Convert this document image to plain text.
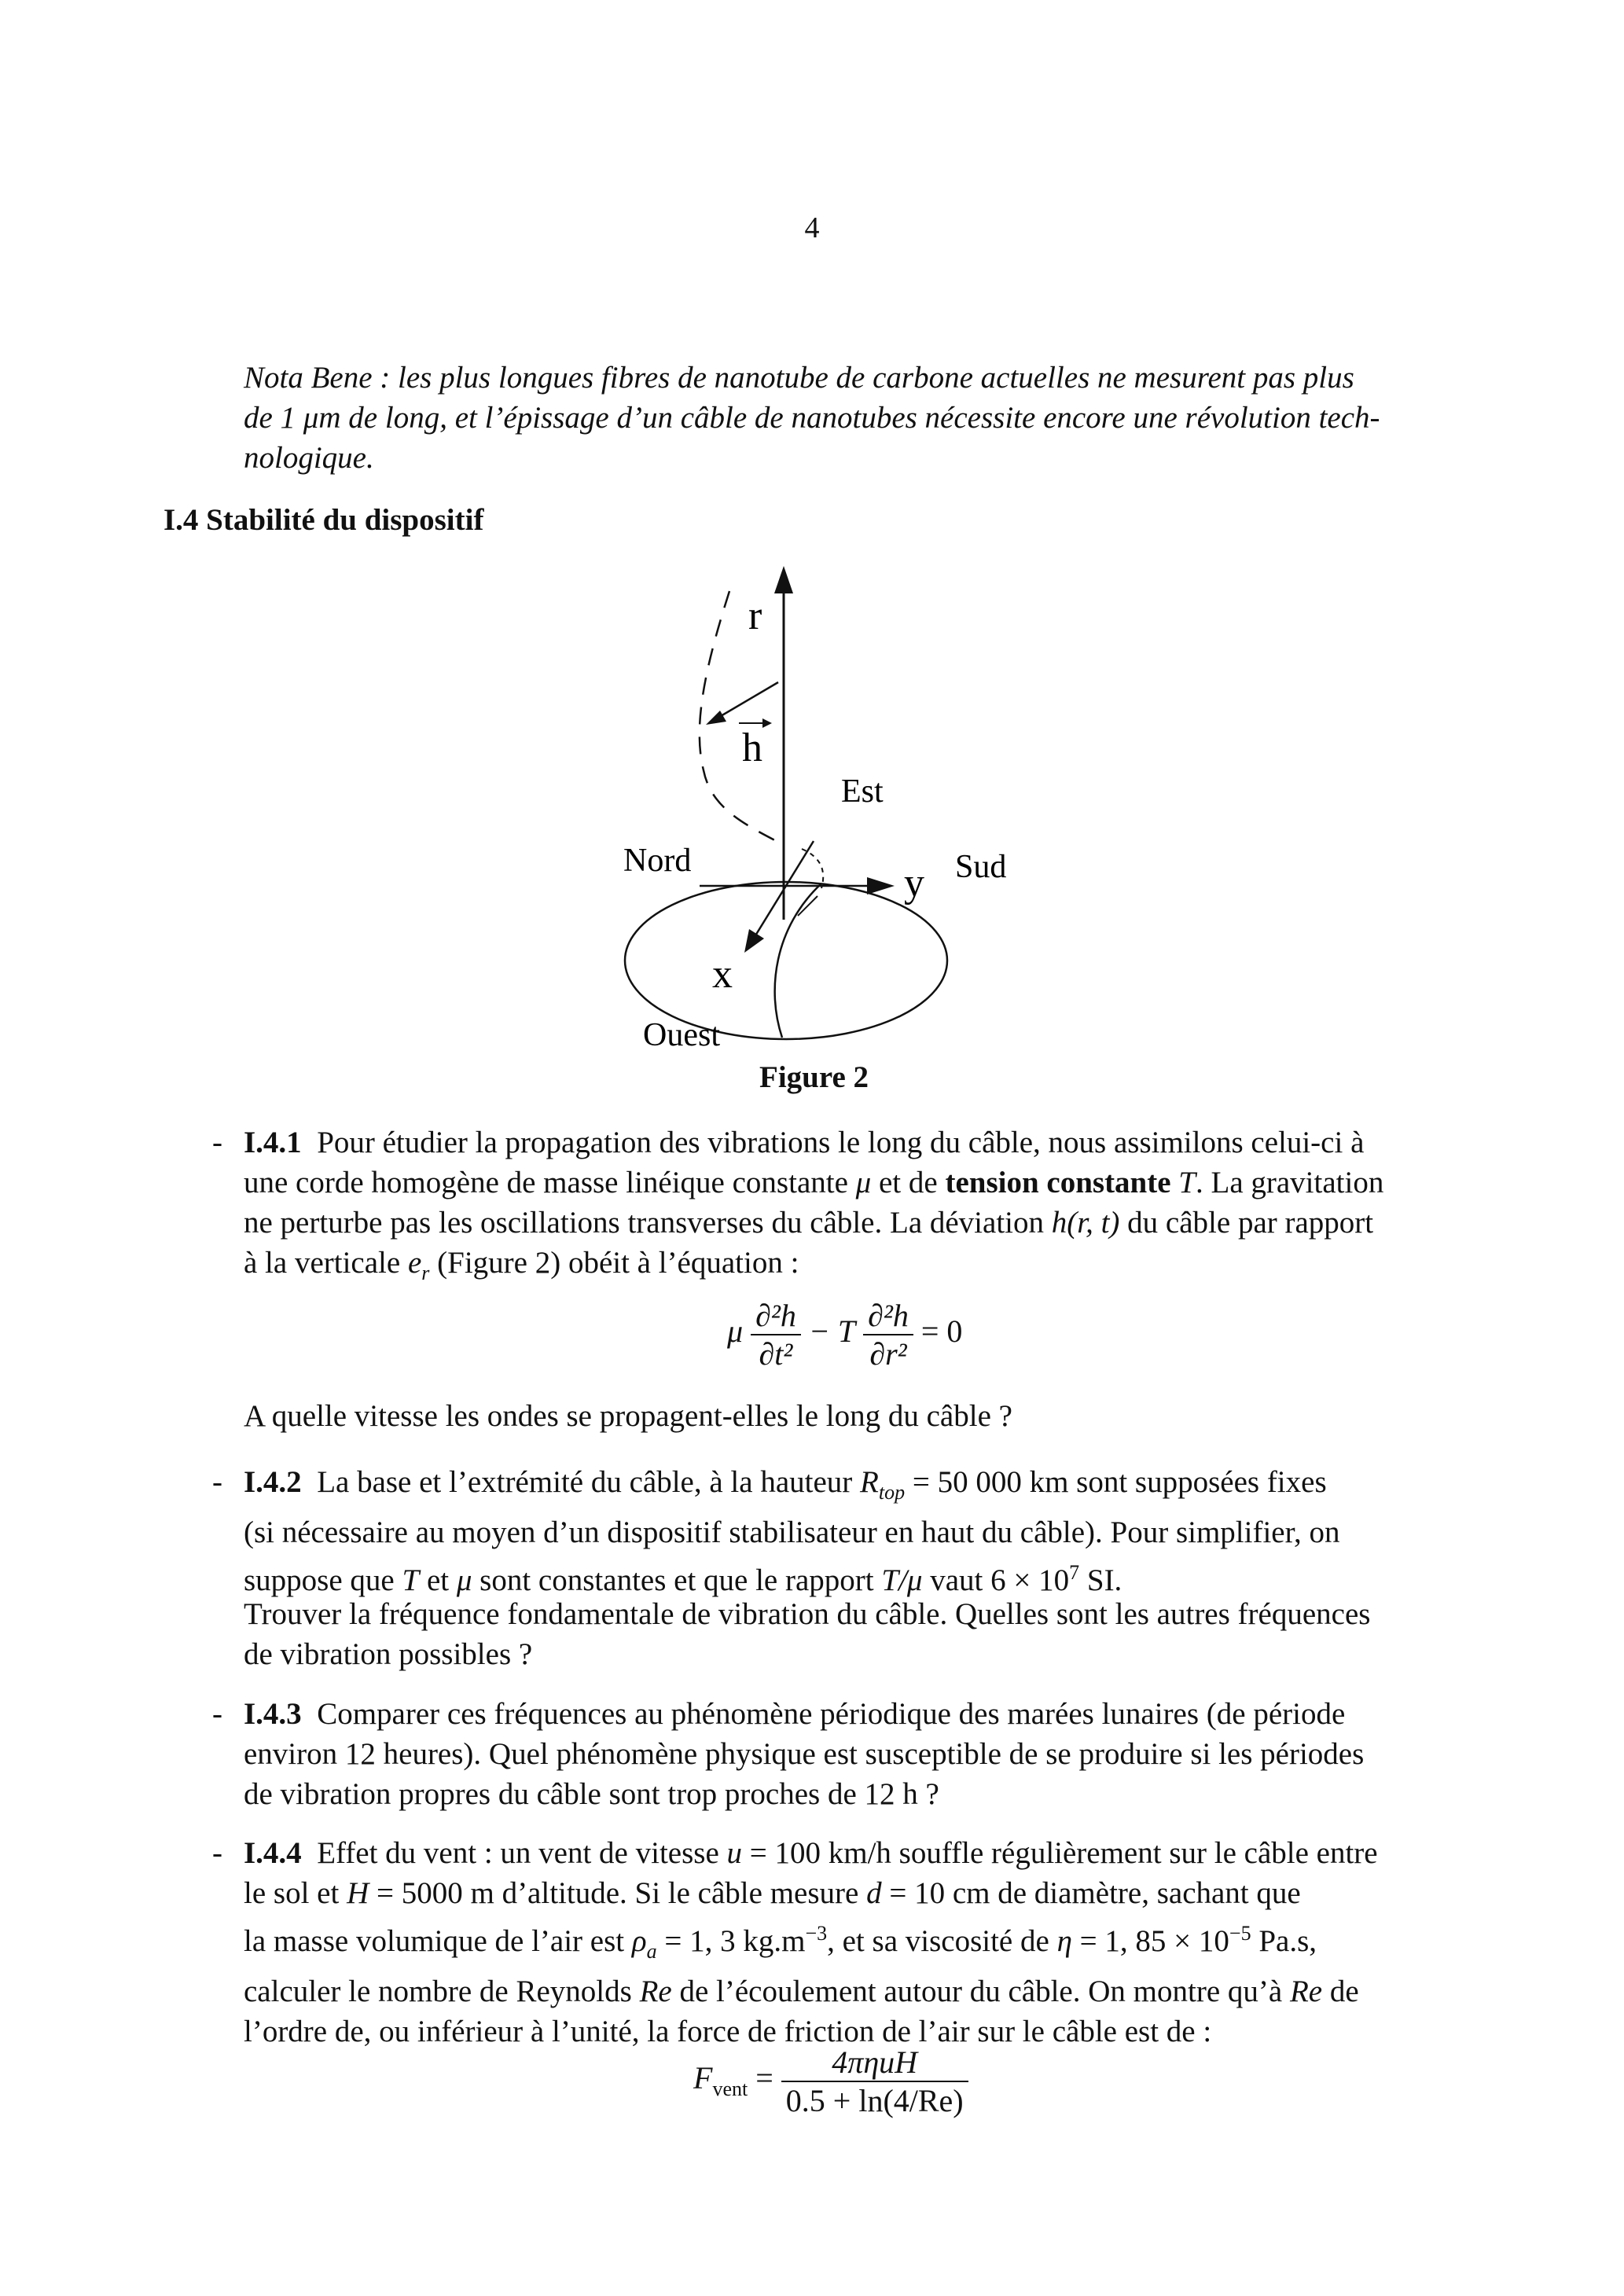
4
Nota Bene : les plus longues fibres de nanotube de carbone actuelles ne mesurent pas plus
de 1 μm de long, et l’épissage d’un câble de nanotubes nécessite encore une révolution tech-
nologique.
I.4 Stabilité du dispositif
r
h
Est
Nord	Sud
y
x
Ouest
Figure 2
- I.4.1 Pour étudier la propagation des vibrations le long du câble, nous assimilons celui-ci à
une corde homogène de masse linéique constante μ et de tension constante T. La gravitation
ne perturbe pas les oscillations transverses du câble. La déviation h(r, t) du câble par rapport
à la verticale $e_r$ (Figure 2) obéit à l’équation :
μ $\frac{\text{∂²h}}{\text{∂t²}} - T \frac{\text{∂²h}}{\text{∂r²}} = 0$
A quelle vitesse les ondes se propagent-elles le long du câble ?
- I.4.2 La base et l’extrémité du câble, à la hauteur $R_{top} = 50$ 000 km sont supposées fixes
(si nécessaire au moyen d’un dispositif stabilisateur en haut du câble). Pour simplifier, on
suppose que T et μ sont constantes et que le rapport T/μ vaut $6 \times 10^7$ SI.
Trouver la fréquence fondamentale de vibration du câble. Quelles sont les autres fréquences
de vibration possibles ?
- I.4.3 Comparer ces fréquences au phénomène périodique des marées lunaires (de période
environ 12 heures). Quel phénomène physique est susceptible de se produire si les périodes
de vibration propres du câble sont trop proches de 12 h ?
- I.4.4 Effet du vent : un vent de vitesse u = 100 km/h souffle régulièrement sur le câble entre
le sol et H = 5000 m d’altitude. Si le câble mesure d = 10 cm de diamètre, sachant que
la masse volumique de l’air est $\rho_a = 1$, 3 $kg.m^{-3}$, et sa viscosité de η = 1, $85 \times 10^{-5}$ Pa.s,
calculer le nombre de Reynolds Re de l’écoulement autour du câble. On montre qu’à Re de
l’ordre de, ou inférieur à l’unité, la force de friction de l’air sur le câble est de :
$F_{vent} = \frac{\text{4πηuH}}{0.5 + \ln(4/Re)}$
